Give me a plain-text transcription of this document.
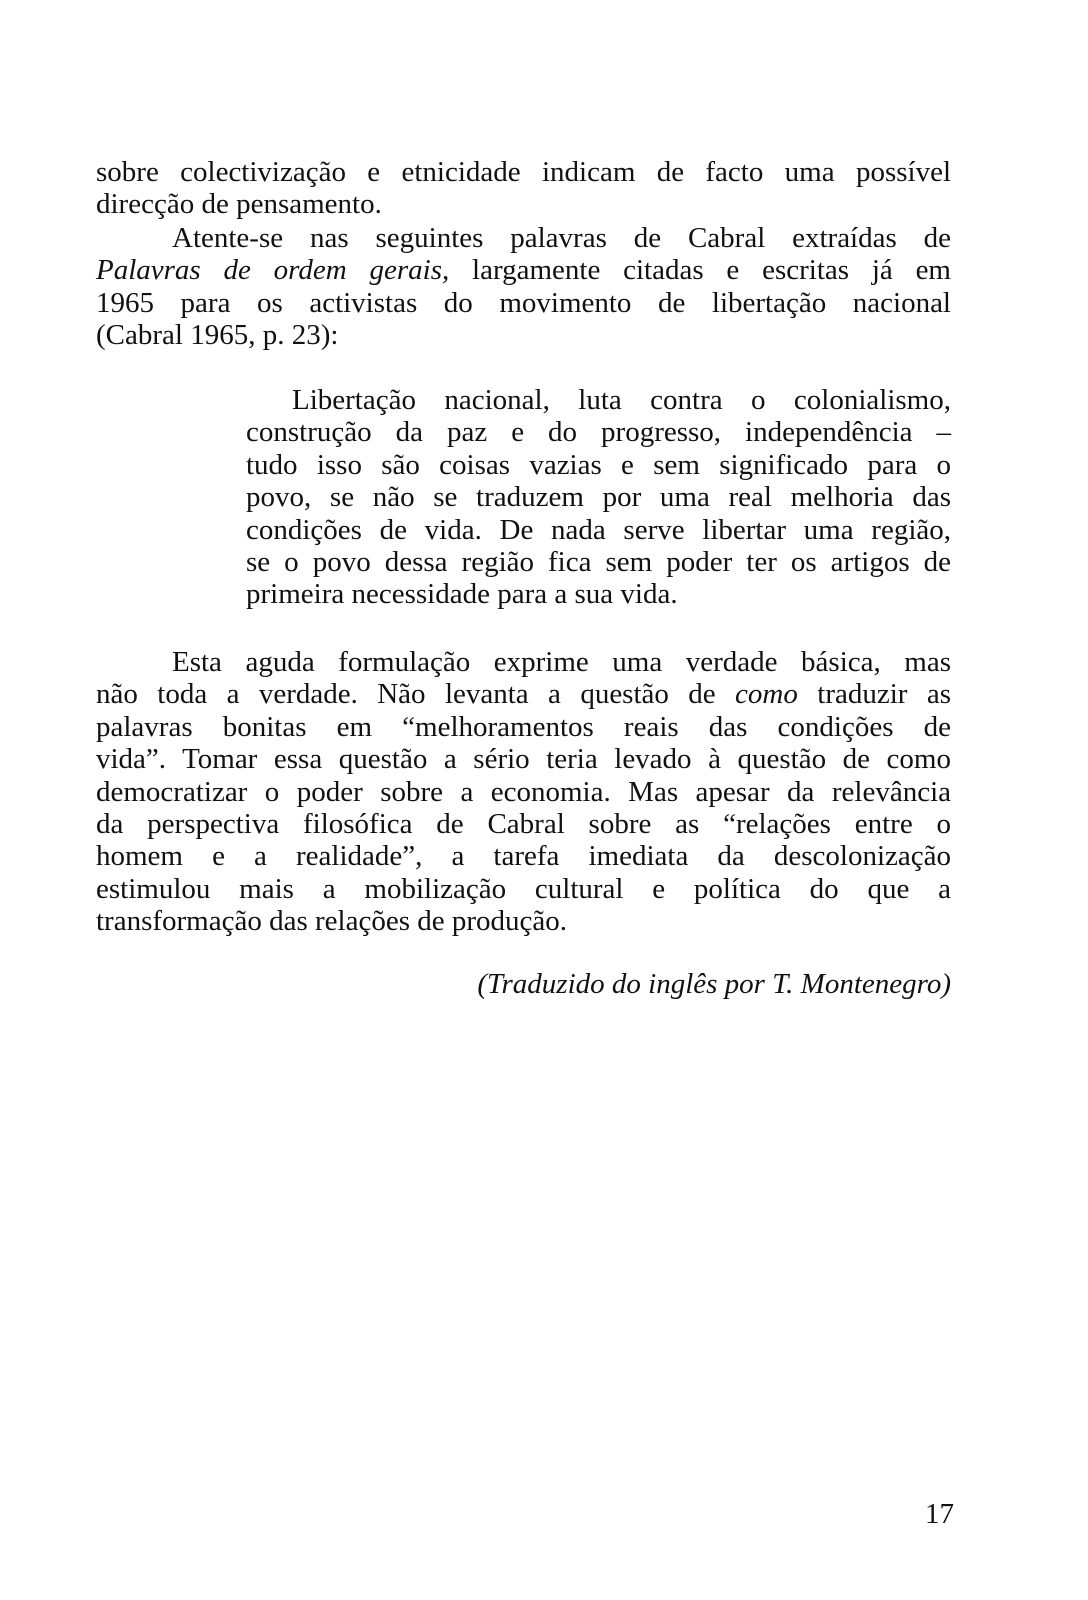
sobre colectivização e etnicidade indicam de facto uma possível
direcção de pensamento.
Atente-se nas seguintes palavras de Cabral extraídas de
Palavras de ordem gerais, largamente citadas e escritas já em
1965 para os activistas do movimento de libertação nacional
(Cabral 1965, p. 23):
Libertação nacional, luta contra o colonialismo,
construção da paz e do progresso, independência –
tudo isso são coisas vazias e sem significado para o
povo, se não se traduzem por uma real melhoria das
condições de vida. De nada serve libertar uma região,
se o povo dessa região fica sem poder ter os artigos de
primeira necessidade para a sua vida.
Esta aguda formulação exprime uma verdade básica, mas
não toda a verdade. Não levanta a questão de como traduzir as
palavras bonitas em “melhoramentos reais das condições de
vida”. Tomar essa questão a sério teria levado à questão de como
democratizar o poder sobre a economia. Mas apesar da relevância
da perspectiva filosófica de Cabral sobre as “relações entre o
homem e a realidade”, a tarefa imediata da descolonização
estimulou mais a mobilização cultural e política do que a
transformação das relações de produção.
(Traduzido do inglês por T. Montenegro)
17
